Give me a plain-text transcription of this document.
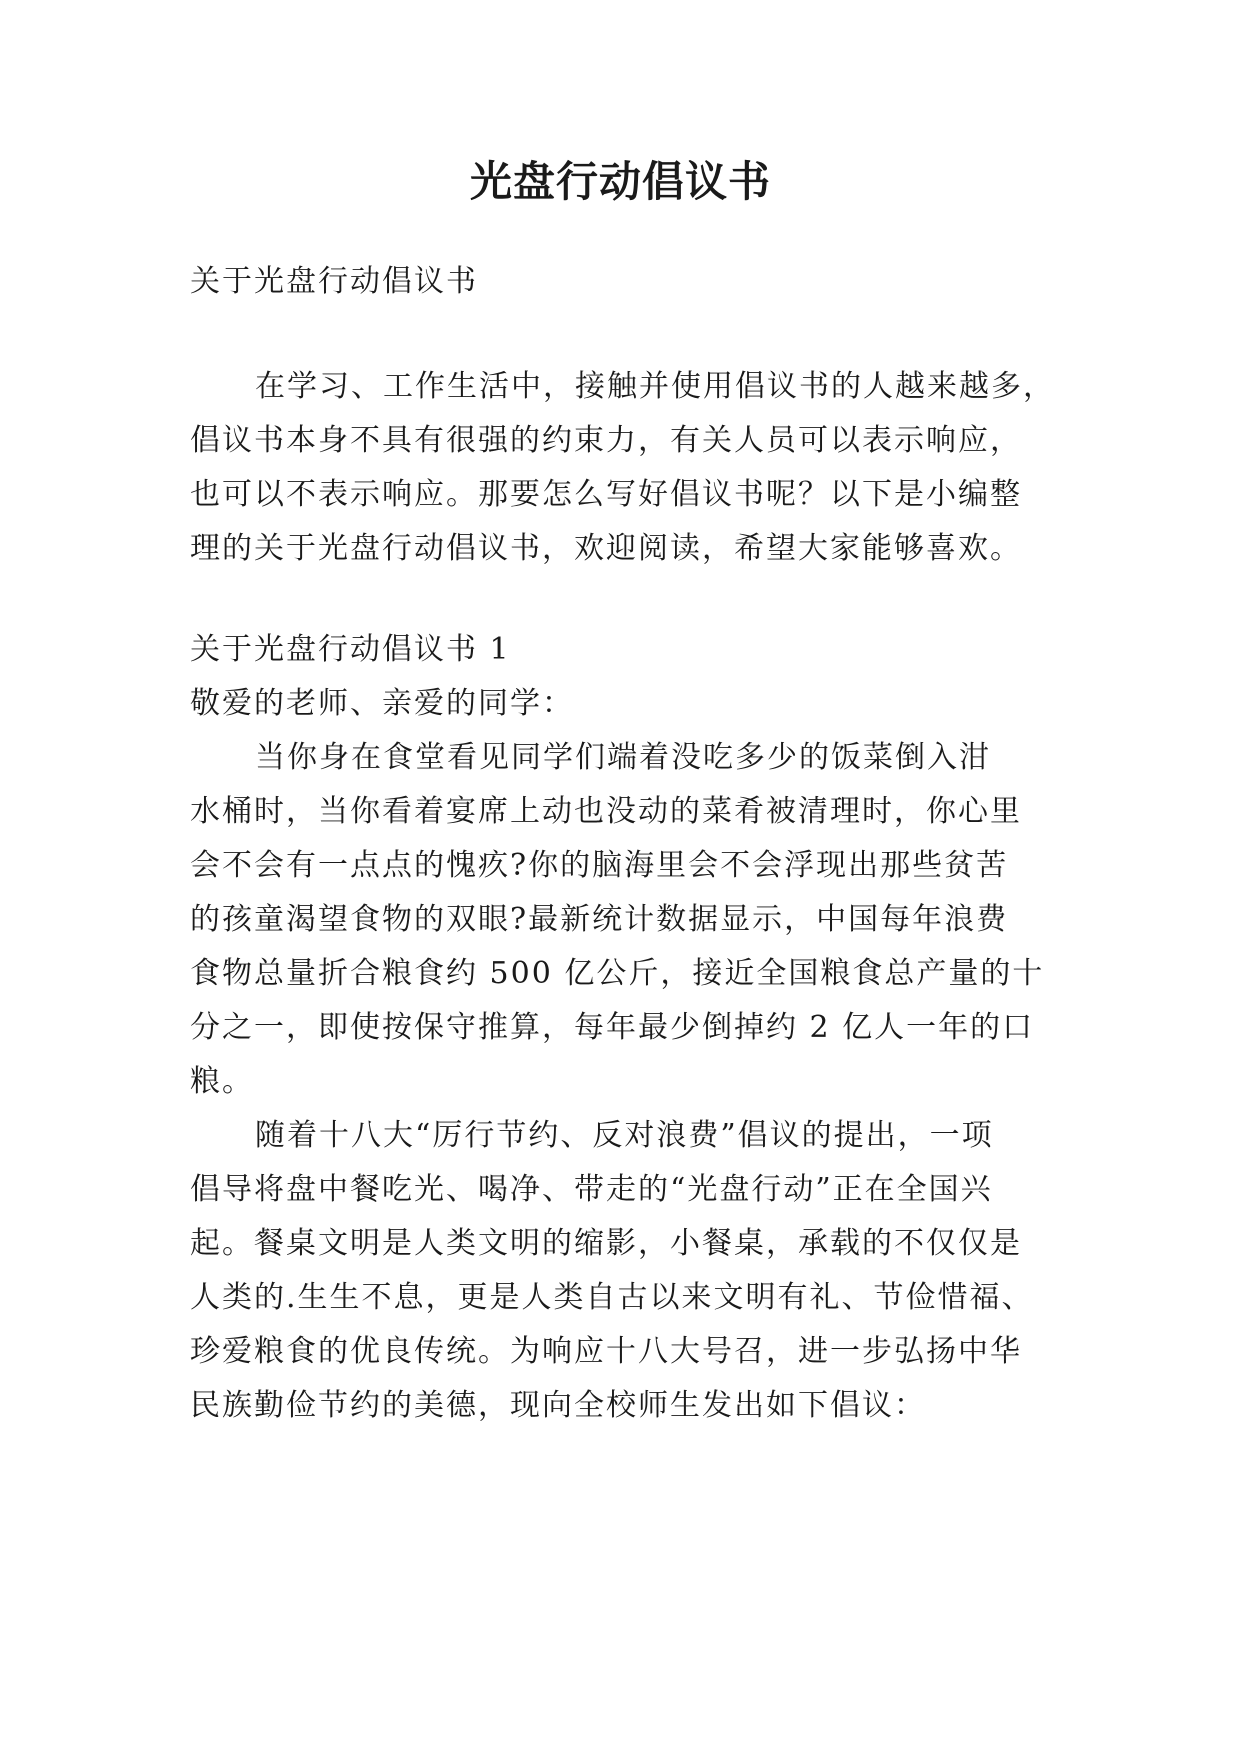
光盘行动倡议书
关于光盘行动倡议书
在学习、工作生活中，接触并使用倡议书的人越来越多，
倡议书本身不具有很强的约束力，有关人员可以表示响应，
也可以不表示响应。那要怎么写好倡议书呢？以下是小编整
理的关于光盘行动倡议书，欢迎阅读，希望大家能够喜欢。
关于光盘行动倡议书 1
敬爱的老师、亲爱的同学：
当你身在食堂看见同学们端着没吃多少的饭菜倒入泔
水桶时，当你看着宴席上动也没动的菜肴被清理时，你心里
会不会有一点点的愧疚?你的脑海里会不会浮现出那些贫苦
的孩童渴望食物的双眼?最新统计数据显示，中国每年浪费
食物总量折合粮食约 500 亿公斤，接近全国粮食总产量的十
分之一，即使按保守推算，每年最少倒掉约 2 亿人一年的口
粮。
随着十八大“厉行节约、反对浪费”倡议的提出，一项
倡导将盘中餐吃光、喝净、带走的“光盘行动”正在全国兴
起。餐桌文明是人类文明的缩影，小餐桌，承载的不仅仅是
人类的.生生不息，更是人类自古以来文明有礼、节俭惜福、
珍爱粮食的优良传统。为响应十八大号召，进一步弘扬中华
民族勤俭节约的美德，现向全校师生发出如下倡议：
